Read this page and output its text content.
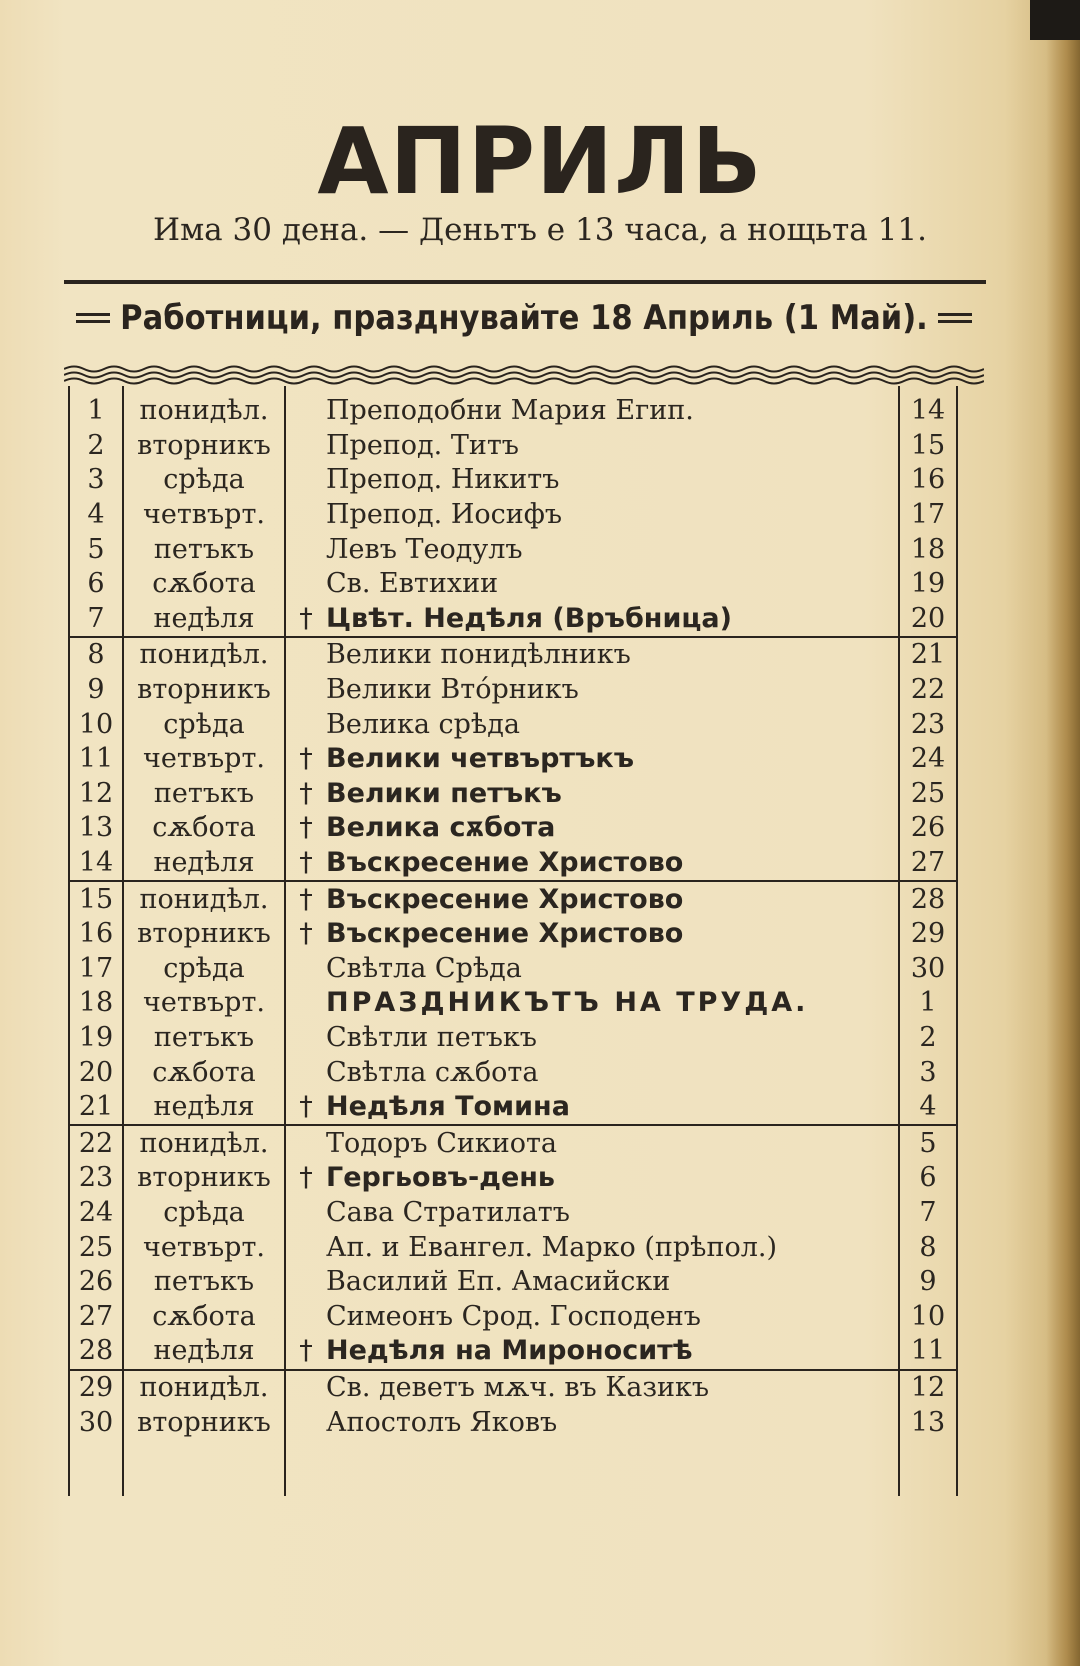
АПРИЛЬ
Има 30 дена. — Деньтъ е 13 часа, а нощьта 11.
Работници, празднувайте 18 Априль (1 Май).
1	понидѣл.	Преподобни Мария Егип.	14
2	вторникъ	Препод. Титъ	15
3	срѣда	Препод. Никитъ	16
4	четвърт.	Препод. Иосифъ	17
5	петъкъ	Левъ Теодулъ	18
6	сѫбота	Св. Евтихии	19
7	недѣля	† Цвѣт. Недѣля (Връбница)	20
8	понидѣл.	Велики понидѣлникъ	21
9	вторникъ	Велики Втóрникъ	22
10	срѣда	Велика срѣда	23
11	четвърт.	† Велики четвъртъкъ	24
12	петъкъ	† Велики петъкъ	25
13	сѫбота	† Велика сѫбота	26
14	недѣля	† Въскресение Христово	27
15	понидѣл.	† Въскресение Христово	28
16	вторникъ	† Въскресение Христово	29
17	срѣда	Свѣтла Срѣда	30
18	четвърт.	ПРАЗДНИКЪТЪ НА ТРУДА.	1
19	петъкъ	Свѣтли петъкъ	2
20	сѫбота	Свѣтла сѫбота	3
21	недѣля	† Недѣля Томина	4
22	понидѣл.	Тодоръ Сикиота	5
23	вторникъ	† Гергьовъ-день	6
24	срѣда	Сава Стратилатъ	7
25	четвърт.	Ап. и Евангел. Марко (прѣпол.)	8
26	петъкъ	Василий Еп. Амасийски	9
27	сѫбота	Симеонъ Срод. Господенъ	10
28	недѣля	† Недѣля на Мироноситѣ	11
29	понидѣл.	Св. деветъ мѫч. въ Казикъ	12
30	вторникъ	Апостолъ Яковъ	13
